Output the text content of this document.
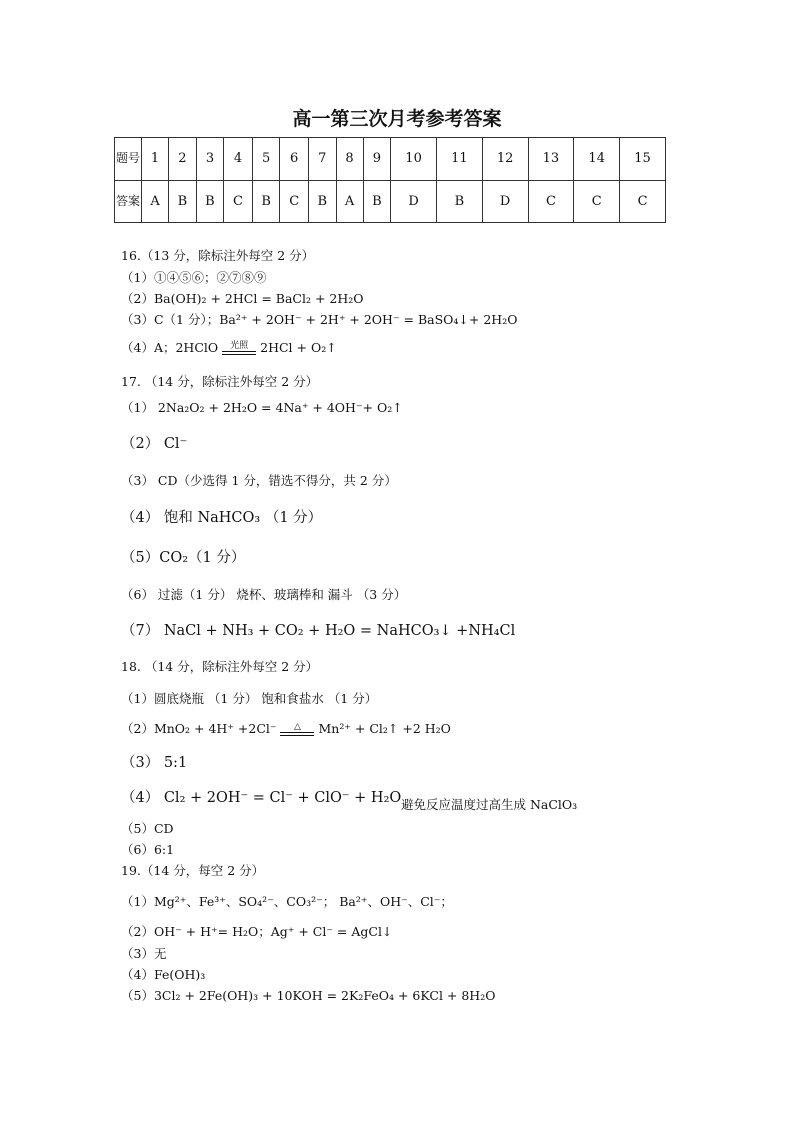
高一第三次月考参考答案
题号	1	2	3	4	5	6	7	8	9	10	11	12	13	14	15
答案	A	B	B	C	B	C	B	A	B	D	B	D	C	C	C
16.（13 分，除标注外每空 2 分）
（1）①④⑤⑥；②⑦⑧⑨
（2）Ba(OH)₂ + 2HCl = BaCl₂ + 2H₂O
（3）C（1 分）；Ba²⁺ + 2OH⁻ + 2H⁺ + 2OH⁻ = BaSO₄↓+ 2H₂O
（4）A；2HClO	光照 2HCl + O₂↑
17. （14 分，除标注外每空 2 分）
（1） 2Na₂O₂ + 2H₂O = 4Na⁺ + 4OH⁻+ O₂↑
（2） Cl⁻
（3） CD（少选得 1 分，错选不得分，共 2 分）
（4） 饱和 NaHCO₃ （1 分）
（5）CO₂（1 分）
（6） 过滤（1 分） 烧杯、玻璃棒和 漏斗 （3 分）
（7） NaCl + NH₃ + CO₂ + H₂O = NaHCO₃↓ +NH₄Cl
18. （14 分，除标注外每空 2 分）
（1）圆底烧瓶 （1 分） 饱和食盐水 （1 分）
（2）MnO₂ + 4H⁺ +2Cl⁻	△	Mn²⁺ + Cl₂↑ +2 H₂O
（3） 5:1
（4） Cl₂ + 2OH⁻ = Cl⁻ + ClO⁻ + H₂O 避免反应温度过高生成 NaClO₃
（5）CD
（6）6:1
19.（14 分，每空 2 分）
（1）Mg²⁺、Fe³⁺、SO₄²⁻、CO₃²⁻； Ba²⁺、OH⁻、Cl⁻；
（2）OH⁻ + H⁺= H₂O；Ag⁺ + Cl⁻ = AgCl↓
（3）无
（4）Fe(OH)₃
（5）3Cl₂ + 2Fe(OH)₃ + 10KOH = 2K₂FeO₄ + 6KCl + 8H₂O
